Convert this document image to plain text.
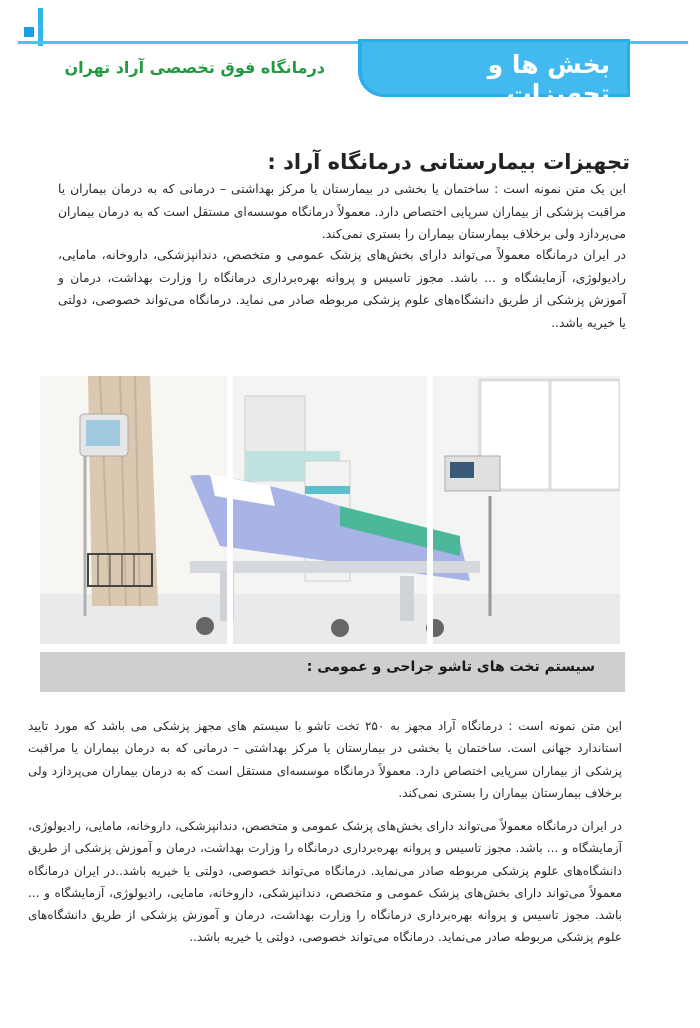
بخش ها و تجهیزات
درمانگاه فوق تخصصی آراد تهران
تجهیزات بیمارستانی درمانگاه آراد :
این یک متن نمونه است : ساختمان یا بخشی در بیمارستان یا مرکز بهداشتی – درمانی که به درمان بیماران یا مراقبت پزشکی از بیماران سرپایی اختصاص دارد. معمولاً درمانگاه موسسه‌ای مستقل است که به درمان بیماران می‌پردازد ولی برخلاف بیمارستان بیماران را بستری نمی‌کند.
در ایران درمانگاه معمولاً می‌تواند دارای بخش‌های پزشک عمومی و متخصص، دندانپزشکی، داروخانه، مامایی، رادیولوژی، آزمایشگاه و ... باشد. مجوز تاسیس و پروانه بهره‌برداری درمانگاه را وزارت بهداشت، درمان و آموزش پزشکی از طریق دانشگاه‌های علوم پزشکی مربوطه صادر می نماید. درمانگاه می‌تواند خصوصی، دولتی یا خیریه باشد..
سیستم تخت های تاشو جراحی و عمومی :
این متن نمونه است : درمانگاه آراد مجهز به ۲۵۰ تخت تاشو با سیستم های مجهز پزشکی می باشد که مورد تایید استاندارد جهانی است. ساختمان یا بخشی در بیمارستان یا مرکز بهداشتی – درمانی که به درمان بیماران یا مراقبت پزشکی از بیماران سرپایی اختصاص دارد. معمولاً درمانگاه موسسه‌ای مستقل است که به درمان بیماران می‌پردازد ولی برخلاف بیمارستان بیماران را بستری نمی‌کند.
در ایران درمانگاه معمولاً می‌تواند دارای بخش‌های پزشک عمومی و متخصص، دندانپزشکی، داروخانه، مامایی، رادیولوژی، آزمایشگاه و ... باشد. مجوز تاسیس و پروانه بهره‌برداری درمانگاه را وزارت بهداشت، درمان و آموزش پزشکی از طریق دانشگاه‌های علوم پزشکی مربوطه صادر می‌نماید. درمانگاه می‌تواند خصوصی، دولتی یا خیریه باشد..در ایران درمانگاه معمولاً می‌تواند دارای بخش‌های پزشک عمومی و متخصص، دندانپزشکی، داروخانه، مامایی، رادیولوژی، آزمایشگاه و ... باشد. مجوز تاسیس و پروانه بهره‌برداری درمانگاه را وزارت بهداشت، درمان و آموزش پزشکی از طریق دانشگاه‌های علوم پزشکی مربوطه صادر می‌نماید. درمانگاه می‌تواند خصوصی، دولتی یا خیریه باشد..
